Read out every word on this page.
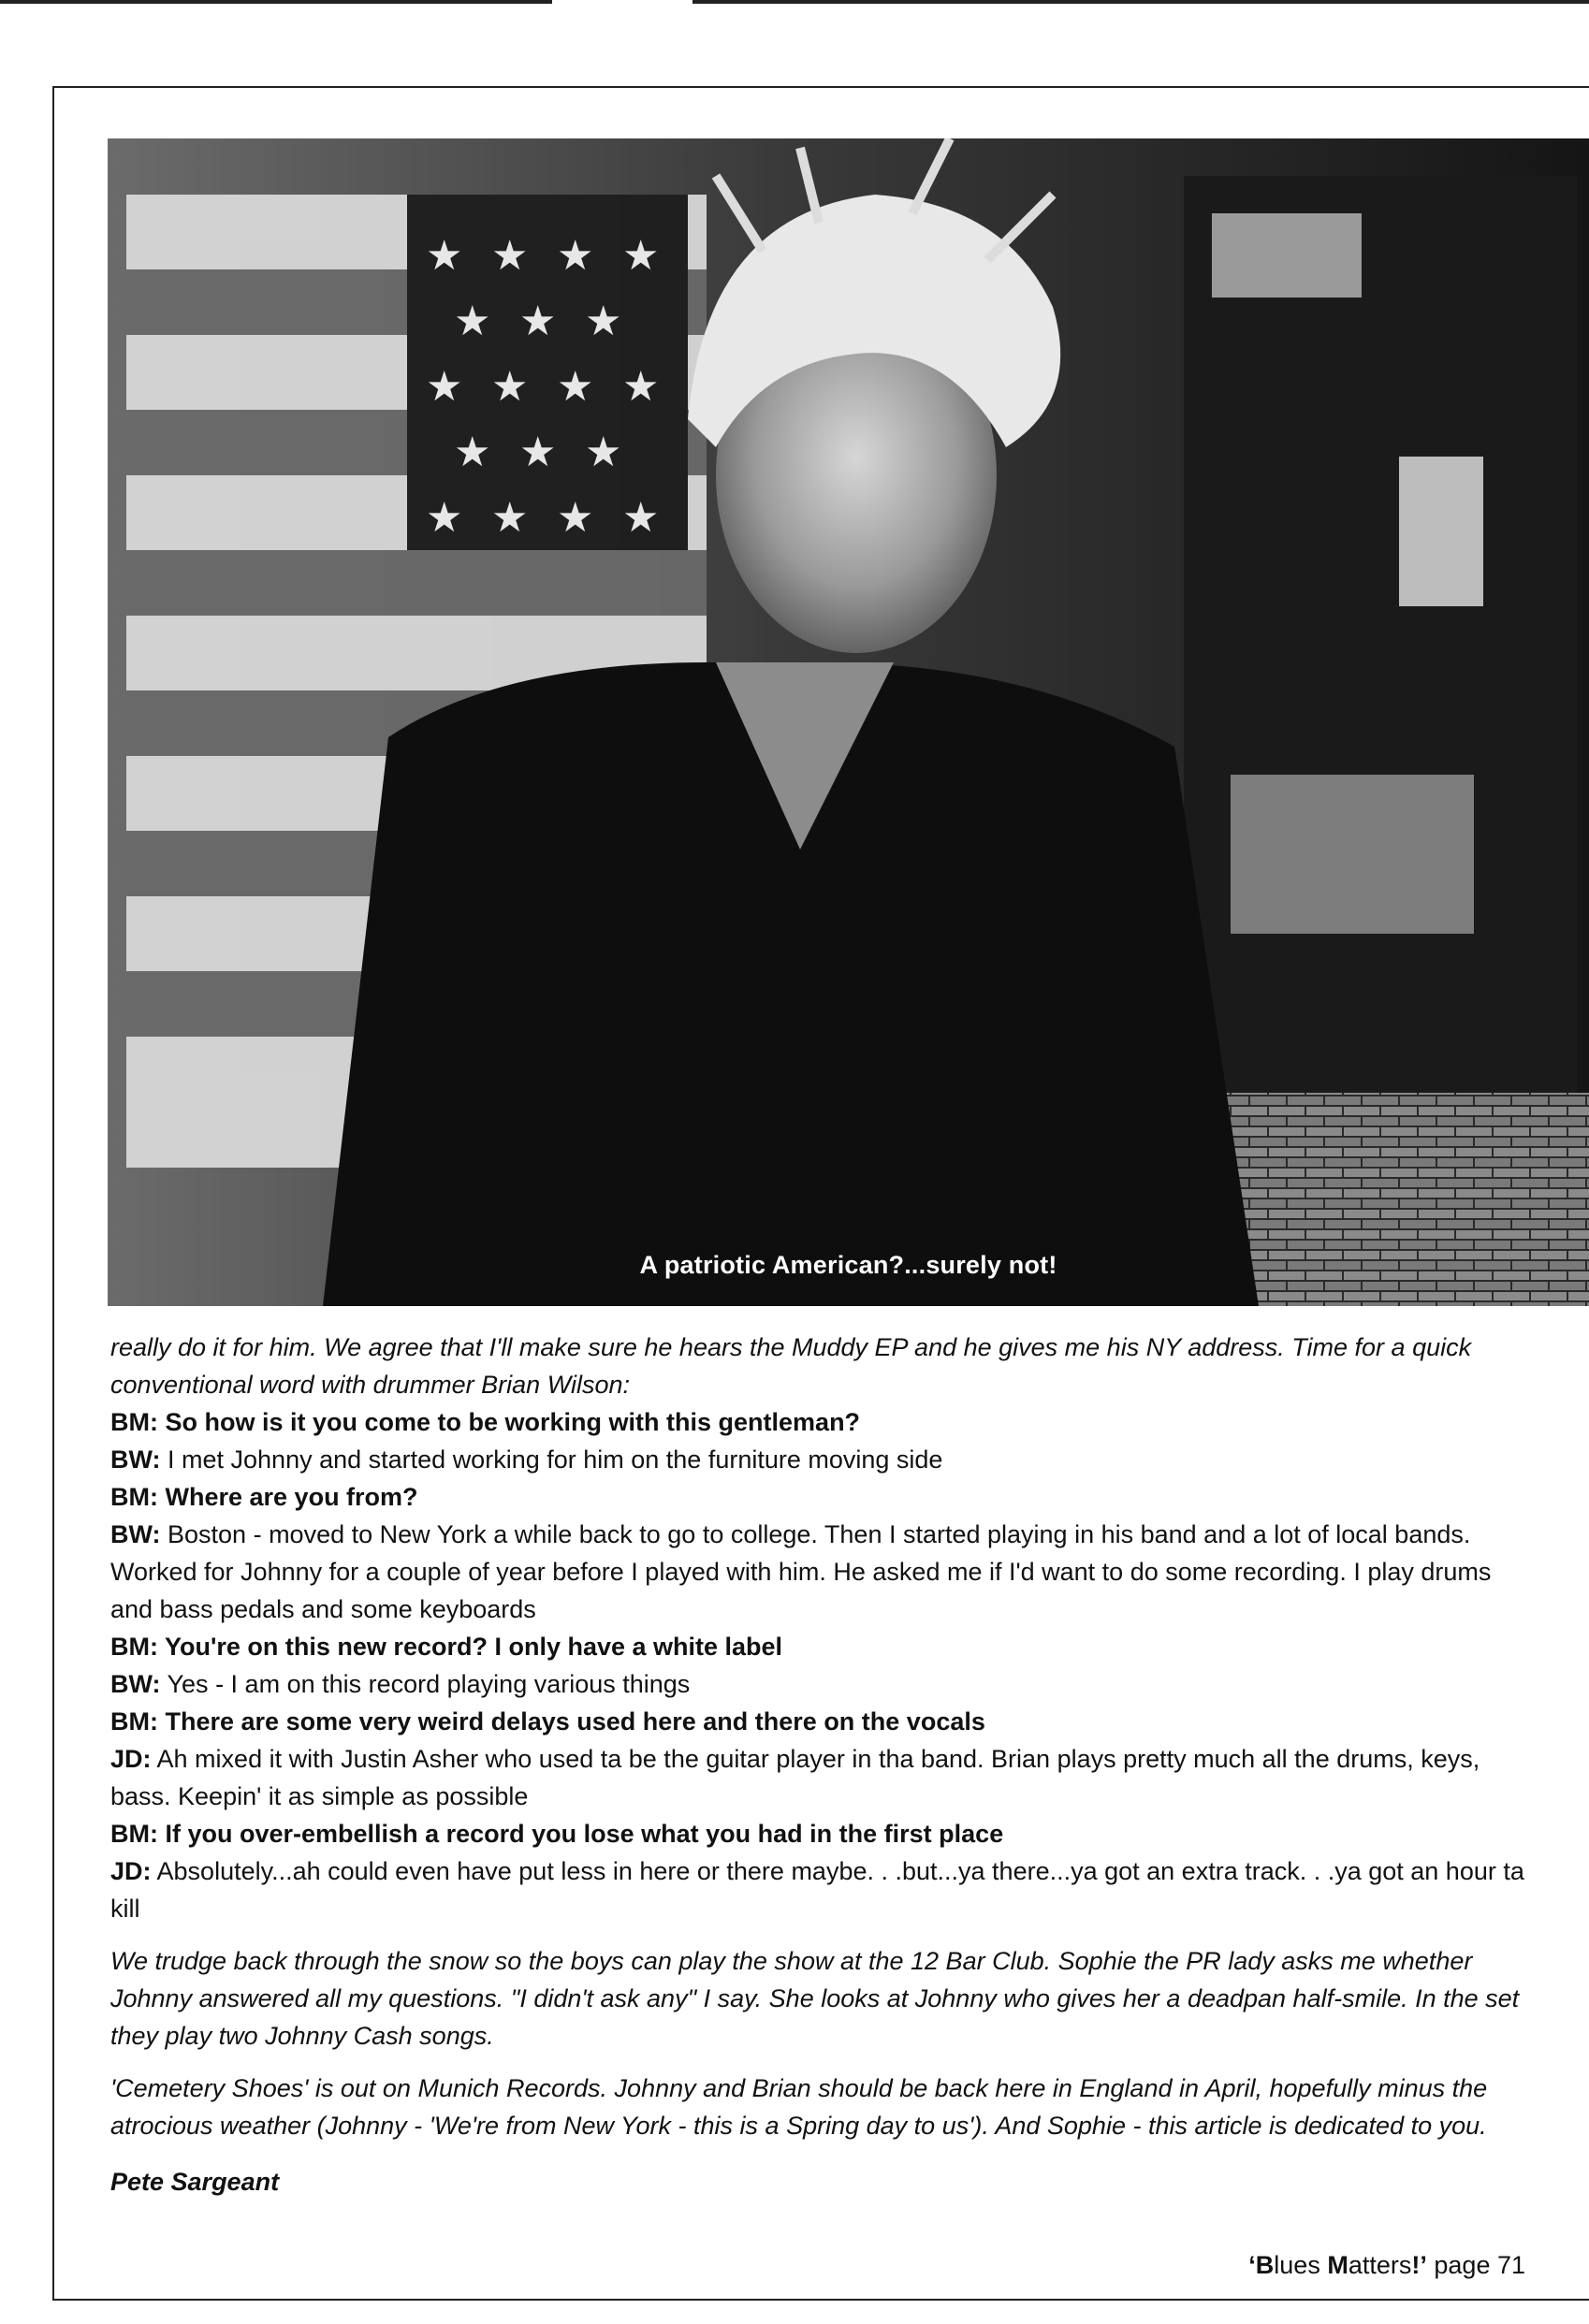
★ ★ ★ ★
★ ★ ★
★ ★ ★ ★
★ ★ ★
★ ★ ★ ★
A patriotic American?...surely not!

really do it for him. We agree that I'll make sure he hears the Muddy EP and he gives me his NY address. Time for a quick conventional word with drummer Brian Wilson:

BM: So how is it you come to be working with this gentleman?

BW: I met Johnny and started working for him on the furniture moving side

BM: Where are you from?

BW: Boston - moved to New York a while back to go to college. Then I started playing in his band and a lot of local bands. Worked for Johnny for a couple of year before I played with him. He asked me if I'd want to do some recording. I play drums and bass pedals and some keyboards

BM: You're on this new record? I only have a white label

BW: Yes - I am on this record playing various things

BM: There are some very weird delays used here and there on the vocals

JD: Ah mixed it with Justin Asher who used ta be the guitar player in tha band. Brian plays pretty much all the drums, keys, bass. Keepin' it as simple as possible

BM: If you over-embellish a record you lose what you had in the first place

JD: Absolutely...ah could even have put less in here or there maybe. . .but...ya there...ya got an extra track. . .ya got an hour ta kill

We trudge back through the snow so the boys can play the show at the 12 Bar Club. Sophie the PR lady asks me whether Johnny answered all my questions. "I didn't ask any" I say. She looks at Johnny who gives her a deadpan half-smile. In the set they play two Johnny Cash songs.

'Cemetery Shoes' is out on Munich Records. Johnny and Brian should be back here in England in April, hopefully minus the atrocious weather (Johnny - 'We're from New York - this is a Spring day to us'). And Sophie - this article is dedicated to you.

Pete Sargeant

‘Blues Matters!’ page 71
